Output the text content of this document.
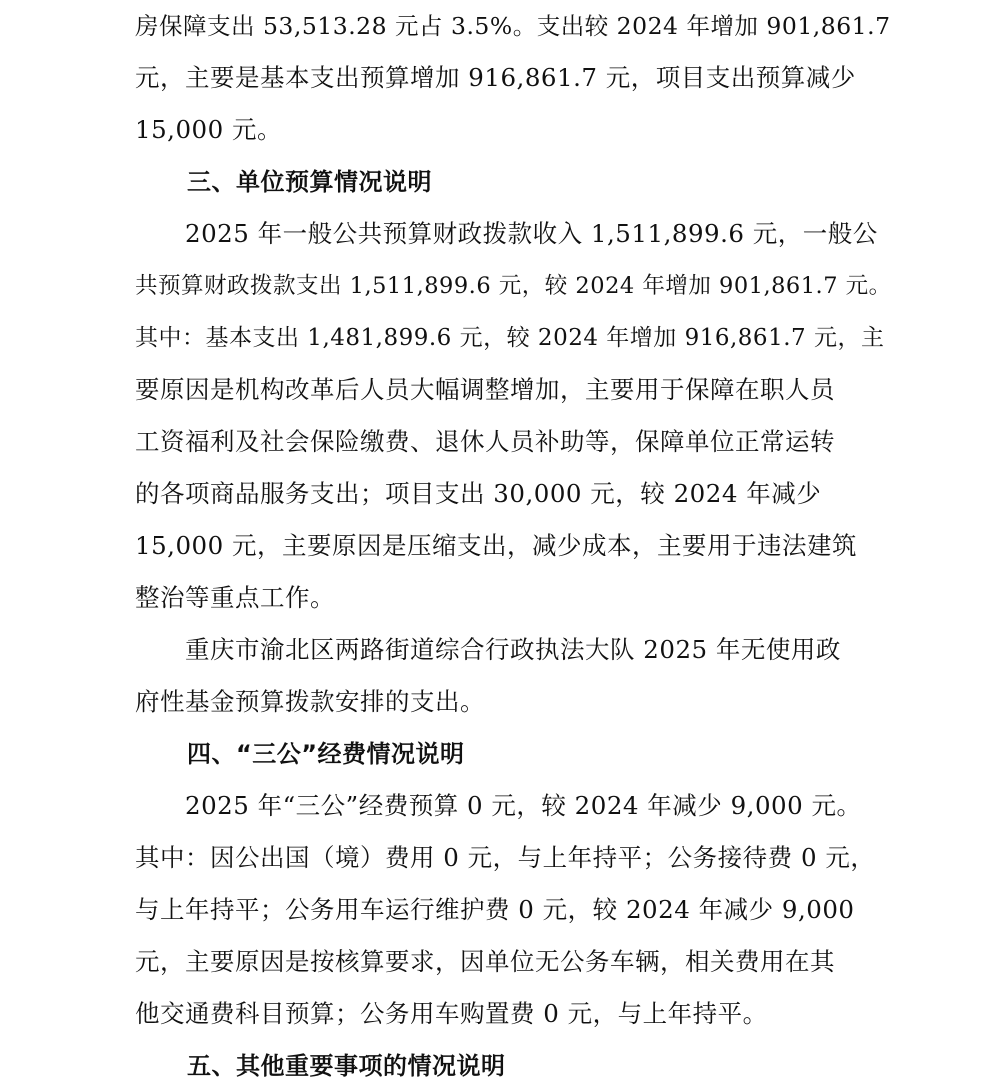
房保障支出 53,513.28 元占 3.5%。支出较 2024 年增加 901,861.7
元，主要是基本支出预算增加 916,861.7 元，项目支出预算减少
15,000 元。
三、单位预算情况说明
2025 年一般公共预算财政拨款收入 1,511,899.6 元，一般公
共预算财政拨款支出 1,511,899.6 元，较 2024 年增加 901,861.7 元。
其中：基本支出 1,481,899.6 元，较 2024 年增加 916,861.7 元，主
要原因是机构改革后人员大幅调整增加，主要用于保障在职人员
工资福利及社会保险缴费、退休人员补助等，保障单位正常运转
的各项商品服务支出；项目支出 30,000 元，较 2024 年减少
15,000 元，主要原因是压缩支出，减少成本，主要用于违法建筑
整治等重点工作。
重庆市渝北区两路街道综合行政执法大队 2025 年无使用政
府性基金预算拨款安排的支出。
四、“三公”经费情况说明
2025 年“三公”经费预算 0 元，较 2024 年减少 9,000 元。
其中：因公出国（境）费用 0 元，与上年持平；公务接待费 0 元，
与上年持平；公务用车运行维护费 0 元，较 2024 年减少 9,000
元，主要原因是按核算要求，因单位无公务车辆，相关费用在其
他交通费科目预算；公务用车购置费 0 元，与上年持平。
五、其他重要事项的情况说明
